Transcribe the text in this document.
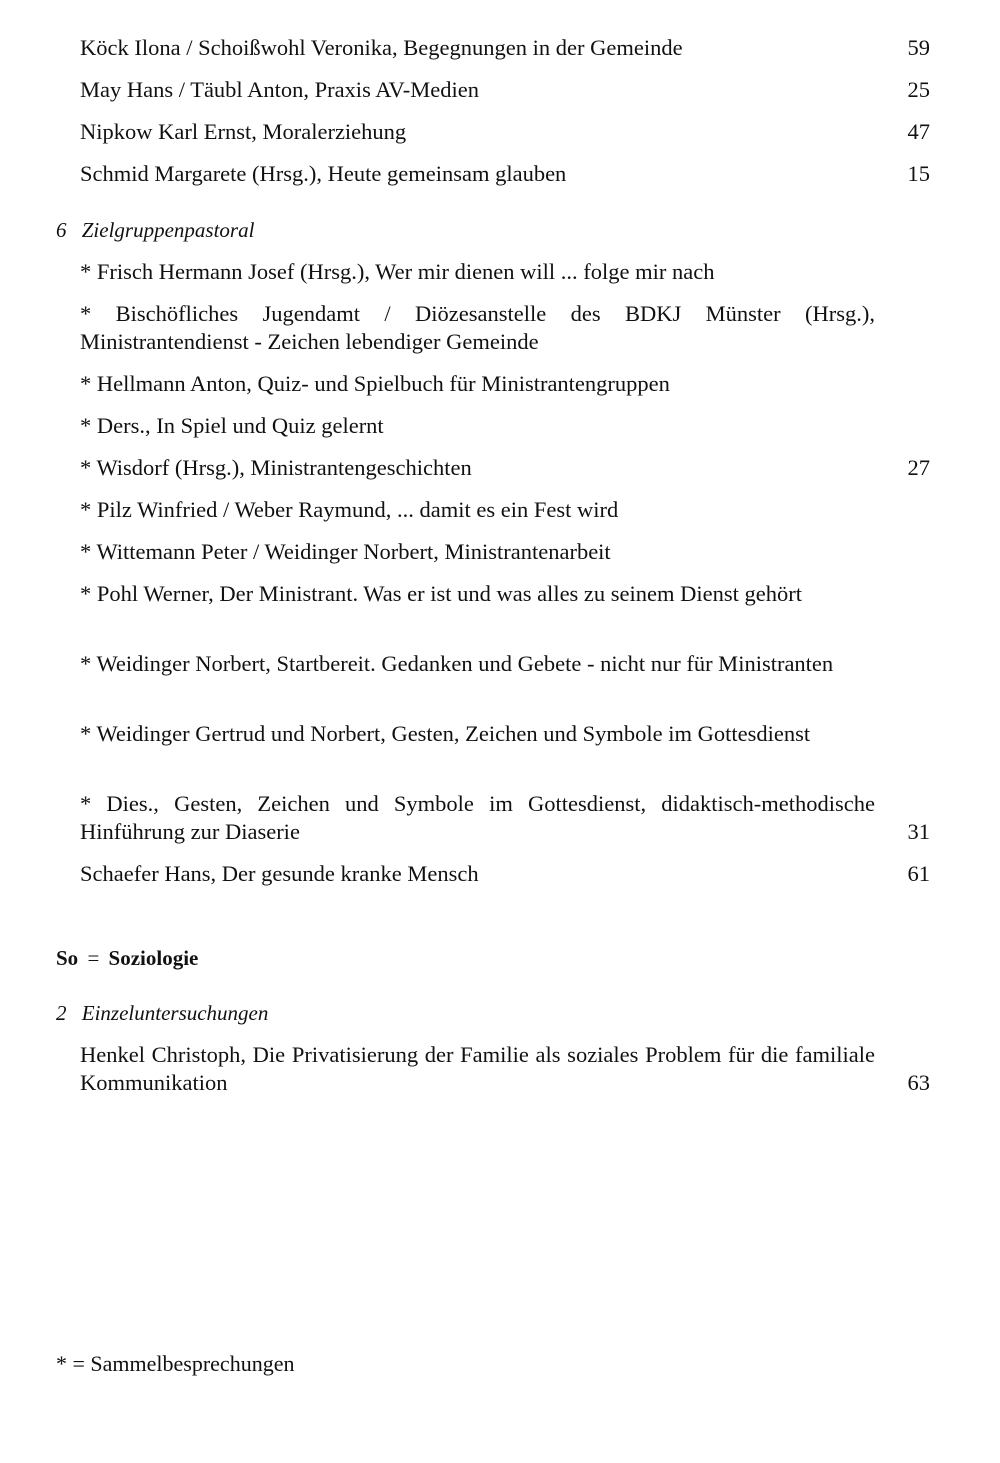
Köck Ilona / Schoißwohl Veronika, Begegnungen in der Gemeinde	59
May Hans / Täubl Anton, Praxis AV-Medien	25
Nipkow Karl Ernst, Moralerziehung	47
Schmid Margarete (Hrsg.), Heute gemeinsam glauben	15
6 Zielgruppenpastoral
* Frisch Hermann Josef (Hrsg.), Wer mir dienen will ... folge mir nach
* Bischöfliches Jugendamt / Diözesanstelle des BDKJ Münster (Hrsg.), Ministrantendienst - Zeichen lebendiger Gemeinde
* Hellmann Anton, Quiz- und Spielbuch für Ministrantengruppen
* Ders., In Spiel und Quiz gelernt
* Wisdorf (Hrsg.), Ministrantengeschichten	27
* Pilz Winfried / Weber Raymund, ... damit es ein Fest wird
* Wittemann Peter / Weidinger Norbert, Ministrantenarbeit
* Pohl Werner, Der Ministrant. Was er ist und was alles zu seinem Dienst gehört
* Weidinger Norbert, Startbereit. Gedanken und Gebete - nicht nur für Ministranten
* Weidinger Gertrud und Norbert, Gesten, Zeichen und Symbole im Gottesdienst
* Dies., Gesten, Zeichen und Symbole im Gottesdienst, didaktisch-methodische Hinführung zur Diaserie	31
Schaefer Hans, Der gesunde kranke Mensch	61
So = Soziologie
2 Einzeluntersuchungen
Henkel Christoph, Die Privatisierung der Familie als soziales Problem für die familiale Kommunikation	63
* = Sammelbesprechungen
